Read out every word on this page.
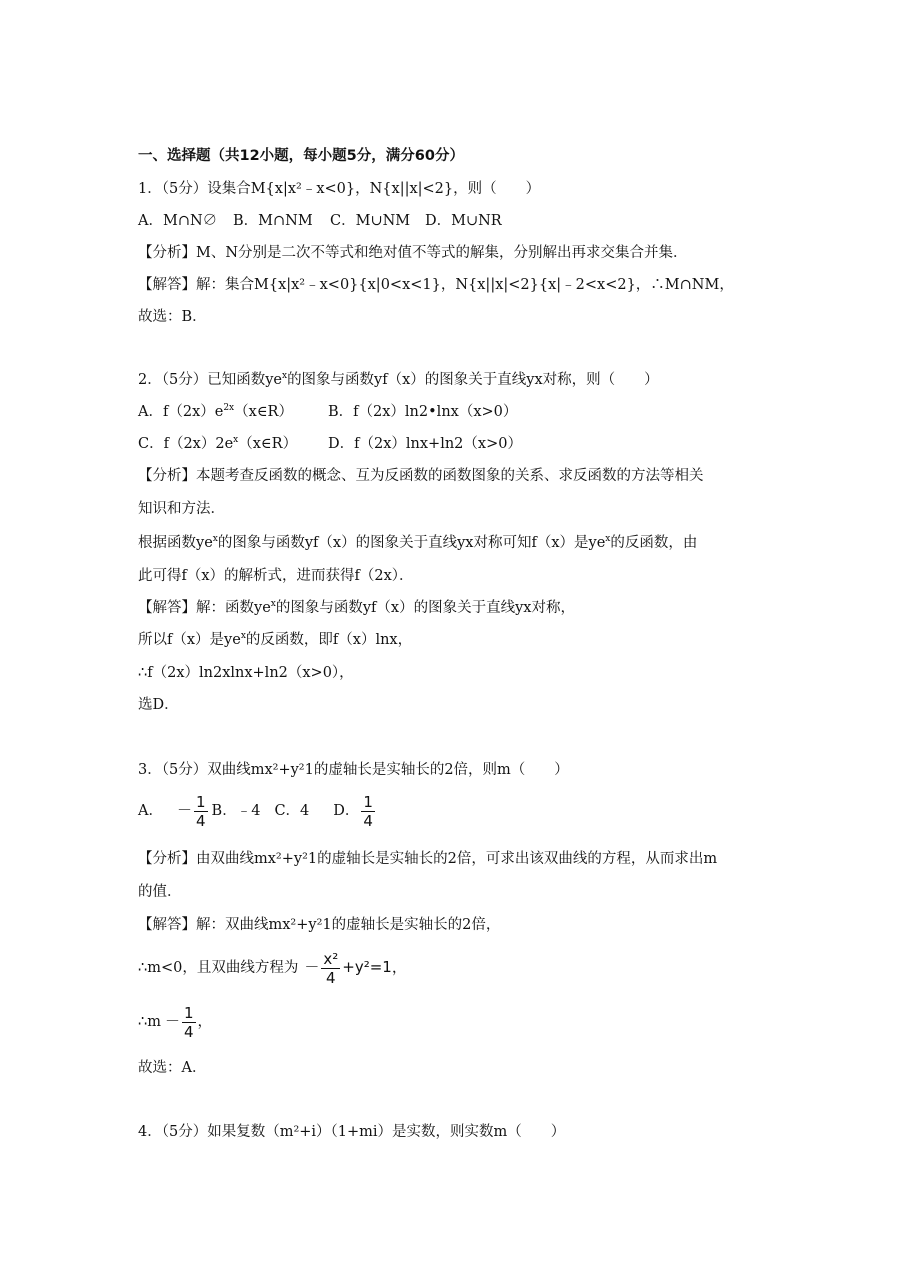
一、选择题（共12小题，每小题5分，满分60分）
1．（5分）设集合M{x|x²﹣x<0}，N{x||x|<2}，则（　　）
A．M∩N∅ B．M∩NM C．M∪NM D．M∪NR
【分析】M、N分别是二次不等式和绝对值不等式的解集，分别解出再求交集合并集．
【解答】解：集合M{x|x²﹣x<0}{x|0<x<1}，N{x||x|<2}{x|﹣2<x<2}，∴M∩NM，
故选：B．
2．（5分）已知函数$ye^x$的图象与函数yf（x）的图象关于直线yx对称，则（　　）
A．$f(2x)e^{2x}(x\in R)$ B．f（2x）ln2•lnx（x>0）
C．$f(2x)2e^x(x\in R)$ D．f（2x）lnx+ln2（x>0）
【分析】本题考查反函数的概念、互为反函数的函数图象的关系、求反函数的方法等相关
知识和方法．
根据函数$ye^x$的图象与函数yf（x）的图象关于直线yx对称可知f（x）是$ye^x$的反函数，由
此可得f（x）的解析式，进而获得f（2x）．
【解答】解：函数$ye^x$的图象与函数yf（x）的图象关于直线yx对称，
所以f（x）是$ye^x$的反函数，即f（x）lnx，
∴f（2x）ln2xlnx+ln2（x>0），
选D．
3．（5分）双曲线mx²+y²1的虚轴长是实轴长的2倍，则m（　　）
A． － $\frac{1}{4}$ B．﹣4 C．4 D． $\frac{1}{4}$
【分析】由双曲线mx²+y²1的虚轴长是实轴长的2倍，可求出该双曲线的方程，从而求出m
的值．
【解答】解：双曲线mx²+y²1的虚轴长是实轴长的2倍，
∴m<0，且双曲线方程为 － $\frac{\text{x²}}{4} +y^2=1$，
∴m － $\frac{1}{4}$ ，
故选：A．
4．（5分）如果复数（m²+i）（1+mi）是实数，则实数m（　　）
